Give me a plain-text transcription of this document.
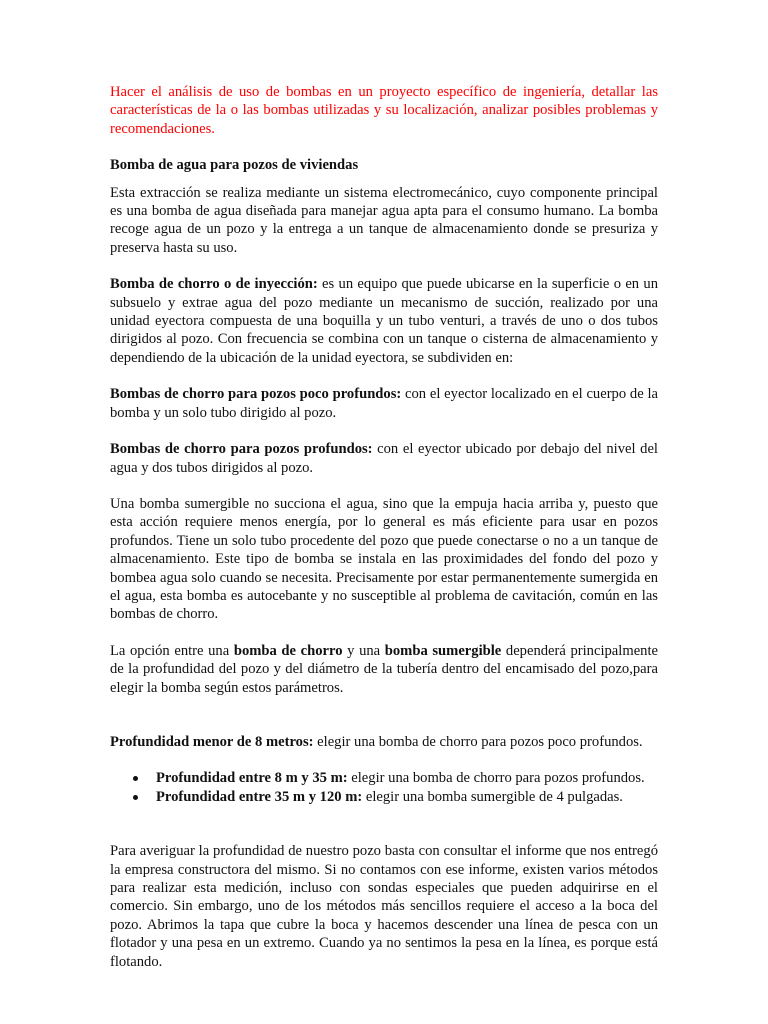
Hacer el análisis de uso de bombas en un proyecto específico de ingeniería, detallar las características de la o las bombas utilizadas y su localización, analizar posibles problemas y recomendaciones.

Bomba de agua para pozos de viviendas

Esta extracción se realiza mediante un sistema electromecánico, cuyo componente principal es una bomba de agua diseñada para manejar agua apta para el consumo humano. La bomba recoge agua de un pozo y la entrega a un tanque de almacenamiento donde se presuriza y preserva hasta su uso.

Bomba de chorro o de inyección: es un equipo que puede ubicarse en la superficie o en un subsuelo y extrae agua del pozo mediante un mecanismo de succión, realizado por una unidad eyectora compuesta de una boquilla y un tubo venturi, a través de uno o dos tubos dirigidos al pozo. Con frecuencia se combina con un tanque o cisterna de almacenamiento y dependiendo de la ubicación de la unidad eyectora, se subdividen en:

Bombas de chorro para pozos poco profundos: con el eyector localizado en el cuerpo de la bomba y un solo tubo dirigido al pozo.

Bombas de chorro para pozos profundos: con el eyector ubicado por debajo del nivel del agua y dos tubos dirigidos al pozo.

Una bomba sumergible no succiona el agua, sino que la empuja hacia arriba y, puesto que esta acción requiere menos energía, por lo general es más eficiente para usar en pozos profundos. Tiene un solo tubo procedente del pozo que puede conectarse o no a un tanque de almacenamiento. Este tipo de bomba se instala en las proximidades del fondo del pozo y bombea agua solo cuando se necesita. Precisamente por estar permanentemente sumergida en el agua, esta bomba es autocebante y no susceptible al problema de cavitación, común en las bombas de chorro.

La opción entre una bomba de chorro y una bomba sumergible dependerá principalmente de la profundidad del pozo y del diámetro de la tubería dentro del encamisado del pozo,para elegir la bomba según estos parámetros.

Profundidad menor de 8 metros: elegir una bomba de chorro para pozos poco profundos.

Profundidad entre 8 m y 35 m: elegir una bomba de chorro para pozos profundos.
Profundidad entre 35 m y 120 m: elegir una bomba sumergible de 4 pulgadas.

Para averiguar la profundidad de nuestro pozo basta con consultar el informe que nos entregó la empresa constructora del mismo. Si no contamos con ese informe, existen varios métodos para realizar esta medición, incluso con sondas especiales que pueden adquirirse en el comercio. Sin embargo, uno de los métodos más sencillos requiere el acceso a la boca del pozo. Abrimos la tapa que cubre la boca y hacemos descender una línea de pesca con un flotador y una pesa en un extremo. Cuando ya no sentimos la pesa en la línea, es porque está flotando.
